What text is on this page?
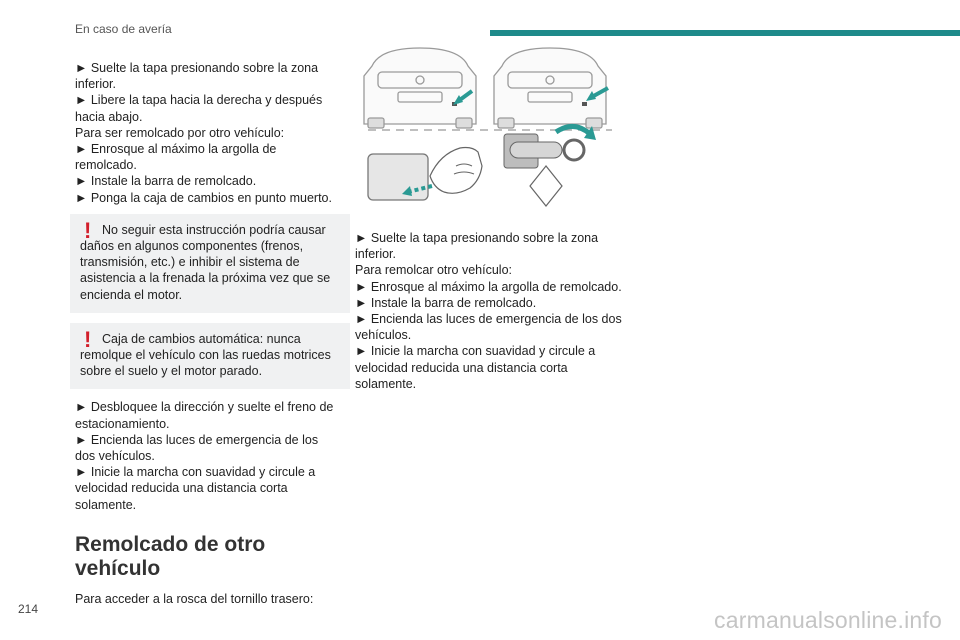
En caso de avería

► Suelte la tapa presionando sobre la zona inferior.

► Libere la tapa hacia la derecha y después hacia abajo.

Para ser remolcado por otro vehículo:

► Enrosque al máximo la argolla de remolcado.

► Instale la barra de remolcado.

► Ponga la caja de cambios en punto muerto.

! No seguir esta instrucción podría causar daños en algunos componentes (frenos, transmisión, etc.) e inhibir el sistema de asistencia a la frenada la próxima vez que se encienda el motor.

! Caja de cambios automática: nunca remolque el vehículo con las ruedas motrices sobre el suelo y el motor parado.

► Desbloquee la dirección y suelte el freno de estacionamiento.

► Encienda las luces de emergencia de los dos vehículos.

► Inicie la marcha con suavidad y circule a velocidad reducida una distancia corta solamente.

Remolcado de otro vehículo

Para acceder a la rosca del tornillo trasero:

► Suelte la tapa presionando sobre la zona inferior.

Para remolcar otro vehículo:

► Enrosque al máximo la argolla de remolcado.

► Instale la barra de remolcado.

► Encienda las luces de emergencia de los dos vehículos.

► Inicie la marcha con suavidad y circule a velocidad reducida una distancia corta solamente.

214	carmanualsonline.info
